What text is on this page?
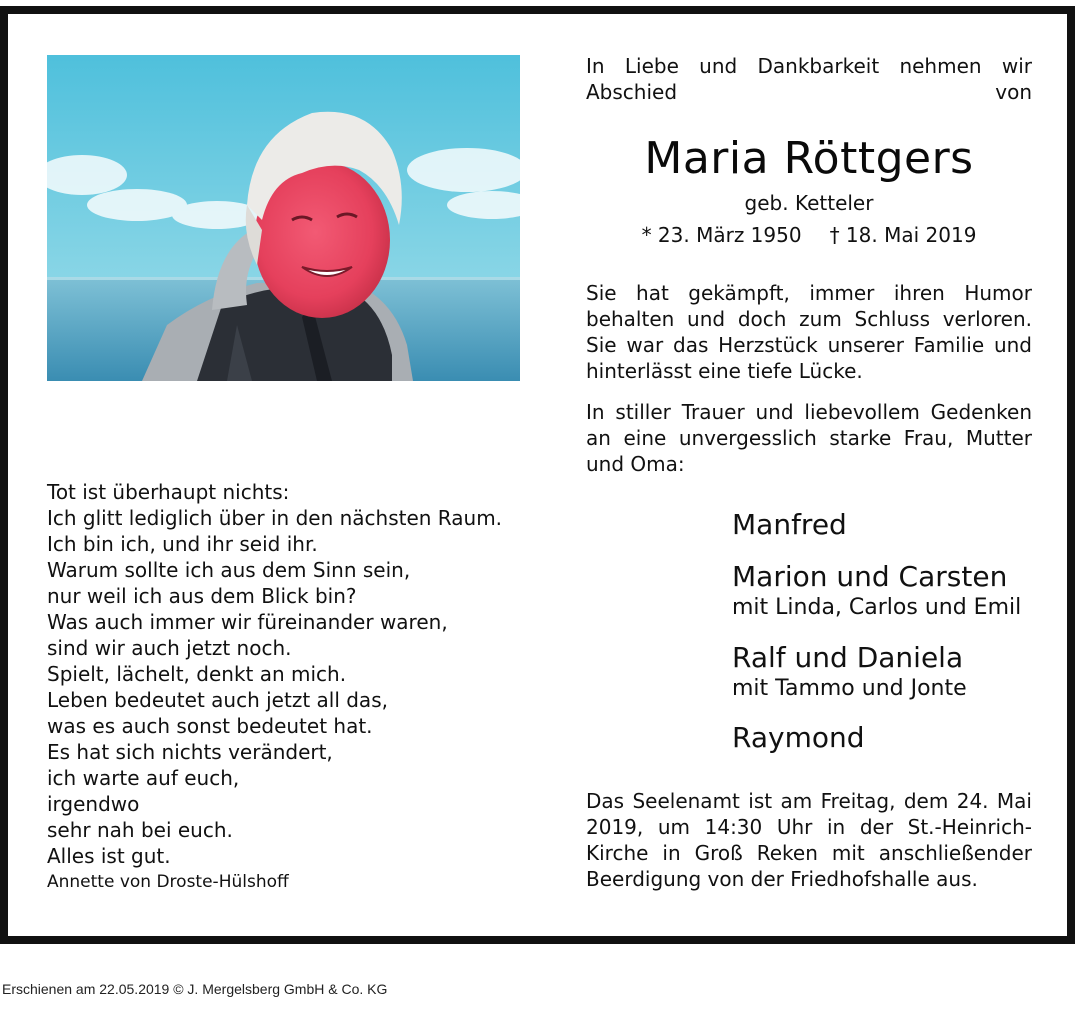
Tot ist überhaupt nichts:
Ich glitt lediglich über in den nächsten Raum.
Ich bin ich, und ihr seid ihr.
Warum sollte ich aus dem Sinn sein,
nur weil ich aus dem Blick bin?
Was auch immer wir füreinander waren,
sind wir auch jetzt noch.
Spielt, lächelt, denkt an mich.
Leben bedeutet auch jetzt all das,
was es auch sonst bedeutet hat.
Es hat sich nichts verändert,
ich warte auf euch,
irgendwo
sehr nah bei euch.
Alles ist gut.
Annette von Droste-Hülshoff
In Liebe und Dankbarkeit nehmen wir Abschied von
Maria Röttgers
geb. Ketteler
* 23. März 1950 † 18. Mai 2019
Sie hat gekämpft, immer ihren Humor behalten und doch zum Schluss verloren. Sie war das Herzstück unserer Familie und hinterlässt eine tiefe Lücke.
In stiller Trauer und liebevollem Gedenken an eine unvergesslich starke Frau, Mutter und Oma:
Manfred
Marion und Carsten
mit Linda, Carlos und Emil
Ralf und Daniela
mit Tammo und Jonte
Raymond
Das Seelenamt ist am Freitag, dem 24. Mai 2019, um 14:30 Uhr in der St.-Heinrich-Kirche in Groß Reken mit anschließender Beerdigung von der Friedhofshalle aus.
Erschienen am 22.05.2019 © J. Mergelsberg GmbH & Co. KG
